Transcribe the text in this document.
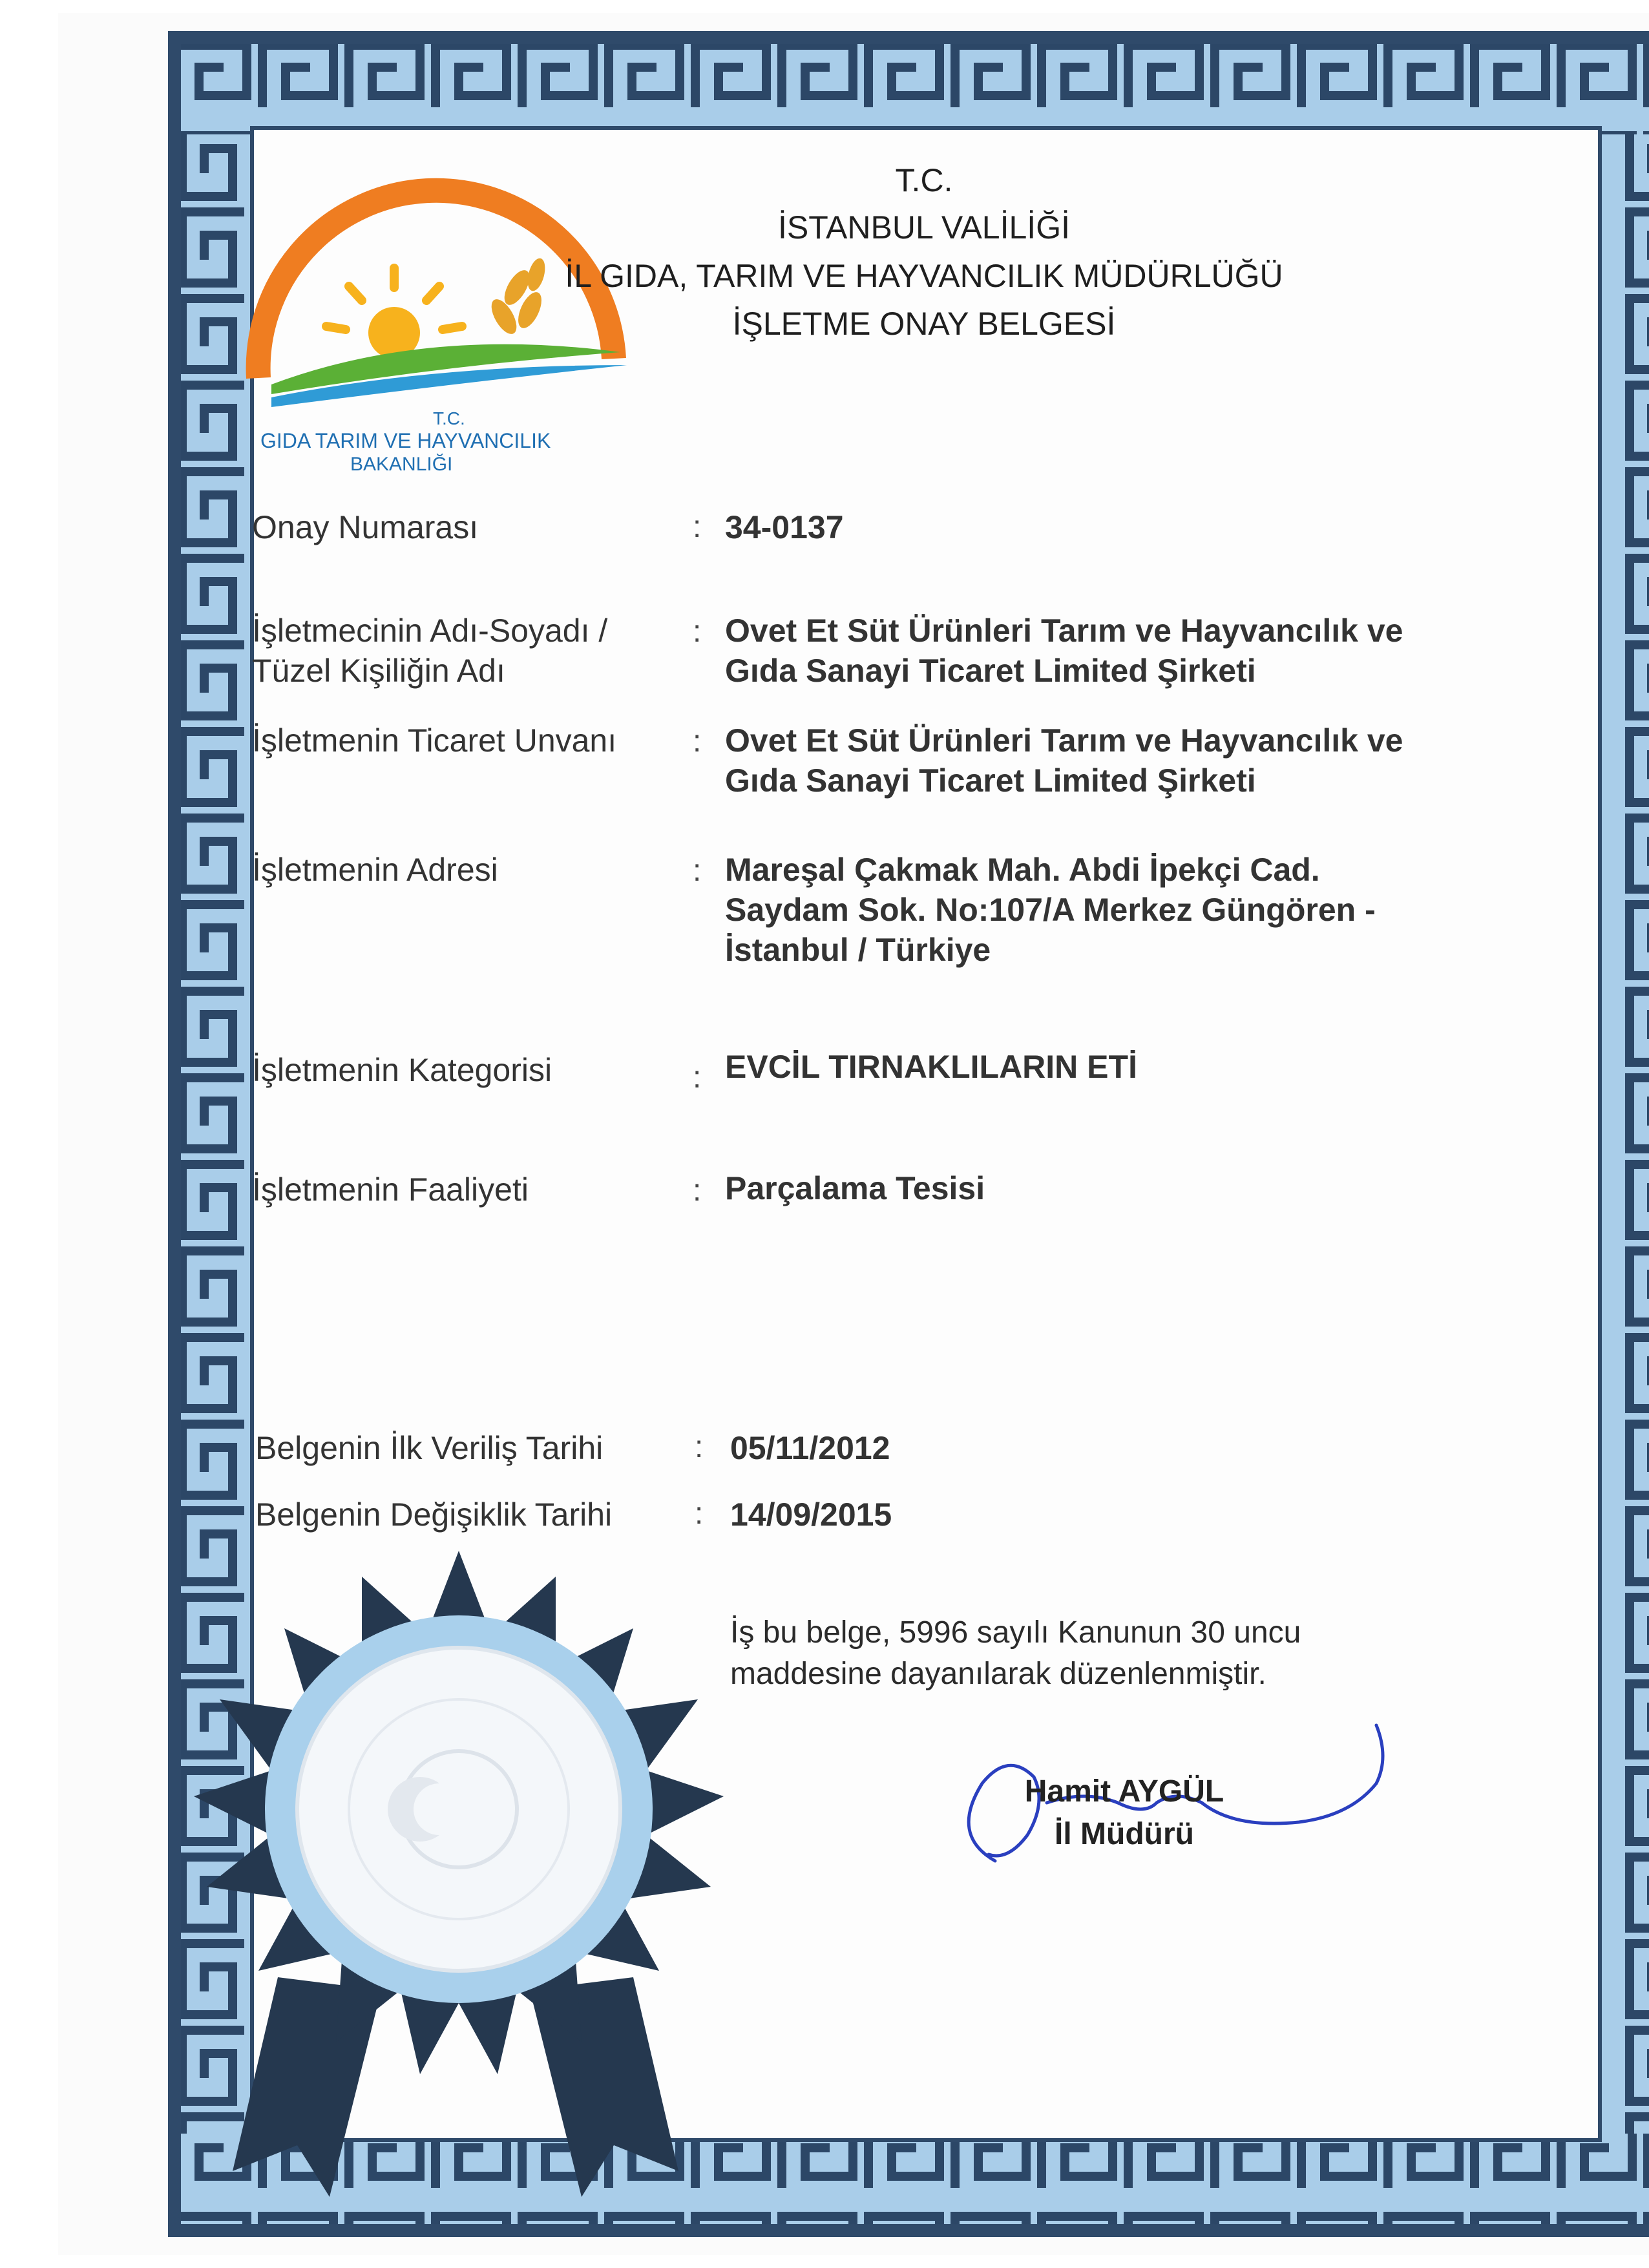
T.C.
GIDA TARIM VE HAYVANCILIK
BAKANLIĞI
T.C.
İSTANBUL VALİLİĞİ
İL GIDA, TARIM VE HAYVANCILIK MÜDÜRLÜĞÜ
İŞLETME ONAY BELGESİ
Onay Numarası	: 34-0137
İşletmecinin Adı-Soyadı /
Tüzel Kişiliğin Adı
: Ovet Et Süt Ürünleri Tarım ve Hayvancılık ve
Gıda Sanayi Ticaret Limited Şirketi
İşletmenin Ticaret Unvanı : Ovet Et Süt Ürünleri Tarım ve Hayvancılık ve
Gıda Sanayi Ticaret Limited Şirketi
İşletmenin Adresi	: Mareşal Çakmak Mah. Abdi İpekçi Cad.
Saydam Sok. No:107/A Merkez Güngören -
İstanbul / Türkiye
İşletmenin Kategorisi	: EVCİL TIRNAKLILARIN ETİ
İşletmenin Faaliyeti	: Parçalama Tesisi
Belgenin İlk Veriliş Tarihi	: 05/11/2012
Belgenin Değişiklik Tarihi	: 14/09/2015
İş bu belge, 5996 sayılı Kanunun 30 uncu
maddesine dayanılarak düzenlenmiştir.
Hamit AYGÜL
İl Müdürü
